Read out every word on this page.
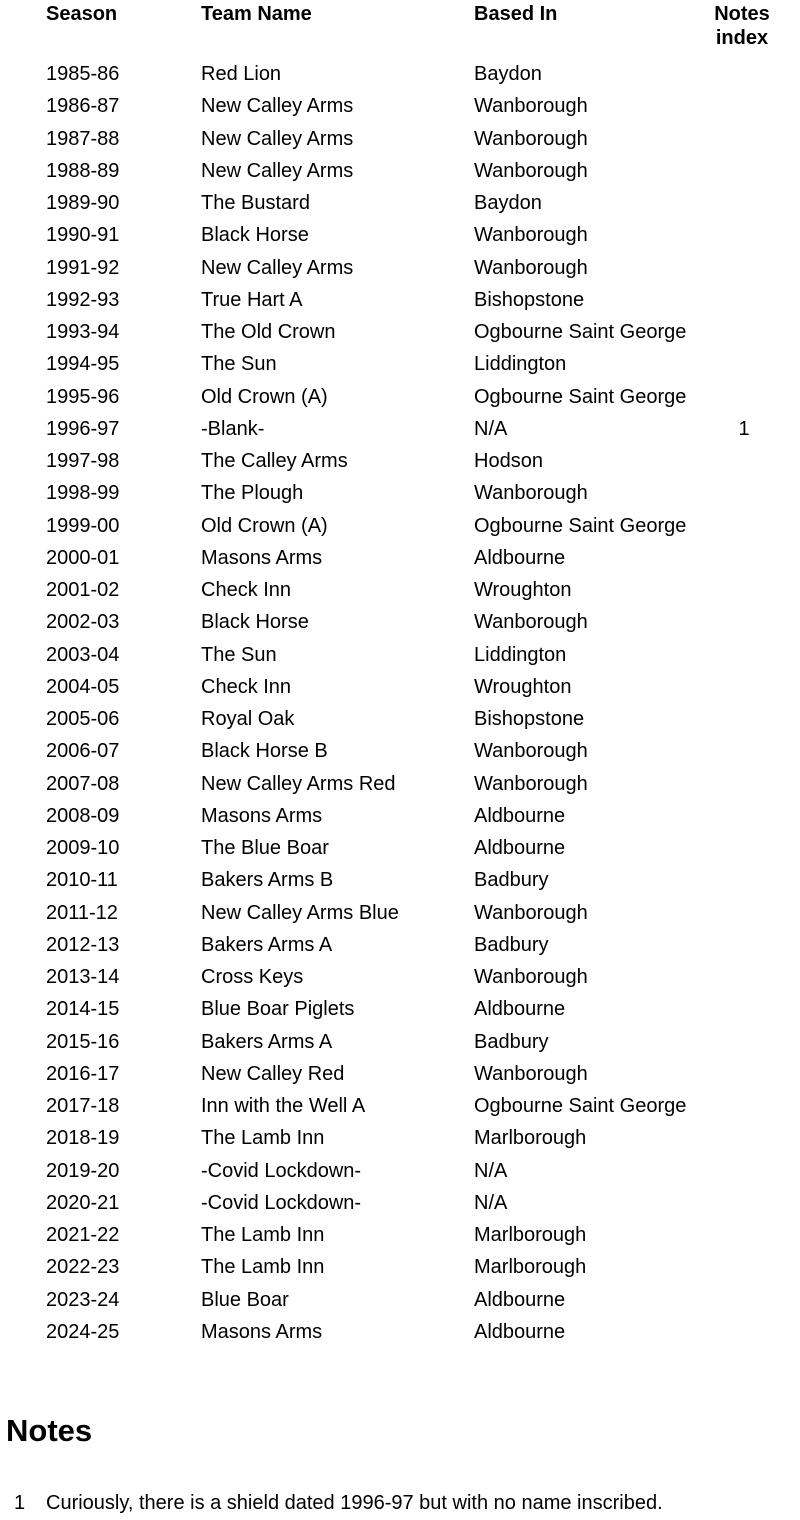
Season	Team Name	Based In	Notes
index
1985-86	Red Lion	Baydon
1986-87	New Calley Arms	Wanborough
1987-88	New Calley Arms	Wanborough
1988-89	New Calley Arms	Wanborough
1989-90	The Bustard	Baydon
1990-91	Black Horse	Wanborough
1991-92	New Calley Arms	Wanborough
1992-93	True Hart A	Bishopstone
1993-94	The Old Crown	Ogbourne Saint George
1994-95	The Sun	Liddington
1995-96	Old Crown (A)	Ogbourne Saint George
1996-97	-Blank-	N/A	1
1997-98	The Calley Arms	Hodson
1998-99	The Plough	Wanborough
1999-00	Old Crown (A)	Ogbourne Saint George
2000-01	Masons Arms	Aldbourne
2001-02	Check Inn	Wroughton
2002-03	Black Horse	Wanborough
2003-04	The Sun	Liddington
2004-05	Check Inn	Wroughton
2005-06	Royal Oak	Bishopstone
2006-07	Black Horse B	Wanborough
2007-08	New Calley Arms Red	Wanborough
2008-09	Masons Arms	Aldbourne
2009-10	The Blue Boar	Aldbourne
2010-11	Bakers Arms B	Badbury
2011-12	New Calley Arms Blue	Wanborough
2012-13	Bakers Arms A	Badbury
2013-14	Cross Keys	Wanborough
2014-15	Blue Boar Piglets	Aldbourne
2015-16	Bakers Arms A	Badbury
2016-17	New Calley Red	Wanborough
2017-18	Inn with the Well A	Ogbourne Saint George
2018-19	The Lamb Inn	Marlborough
2019-20	-Covid Lockdown-	N/A
2020-21	-Covid Lockdown-	N/A
2021-22	The Lamb Inn	Marlborough
2022-23	The Lamb Inn	Marlborough
2023-24	Blue Boar	Aldbourne
2024-25	Masons Arms	Aldbourne
Notes
1	Curiously, there is a shield dated 1996-97 but with no name inscribed.
